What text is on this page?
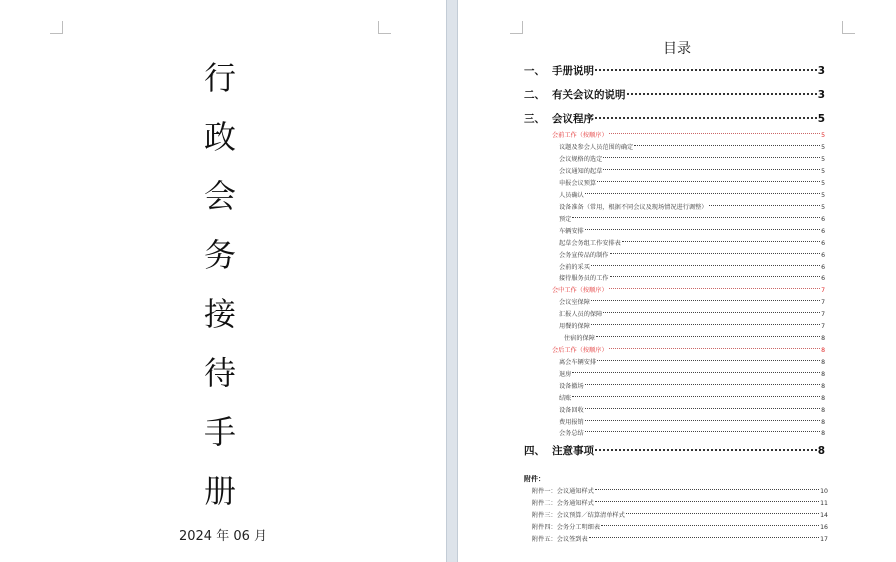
行
政
会
务
接
待
手
册
2024 年 06 月
目录
一、 手册说明	3
二、 有关会议的说明	3
三、 会议程序	5
会前工作（按顺序）	5
议题及参会人员范围的确定	5
会议规格的选定	5
会议通知的起草	5
申报会议预算	5
人员确认	5
设备准备（常用，根据不同会议及现场情况进行调整）	5
预定	6
车辆安排	6
起草会务组工作安排表	6
会务宣传品的制作	6
会前的采买	6
接待服务员的工作	6
会中工作（按顺序）	7
会议室保障	7
汇报人员的保障	7
用餐的保障	7
住宿的保障	8
会后工作（按顺序）	8
离会车辆安排	8
退房	8
设备撤场	8
结账	8
设备回收	8
费用报销	8
会务总结	8
四、 注意事项	8
附件：
附件一：会议通知样式	10
附件二：会务通知样式	11
附件三：会议预算／结算清单样式	14
附件四：会务分工明细表	16
附件五：会议签到表	17
